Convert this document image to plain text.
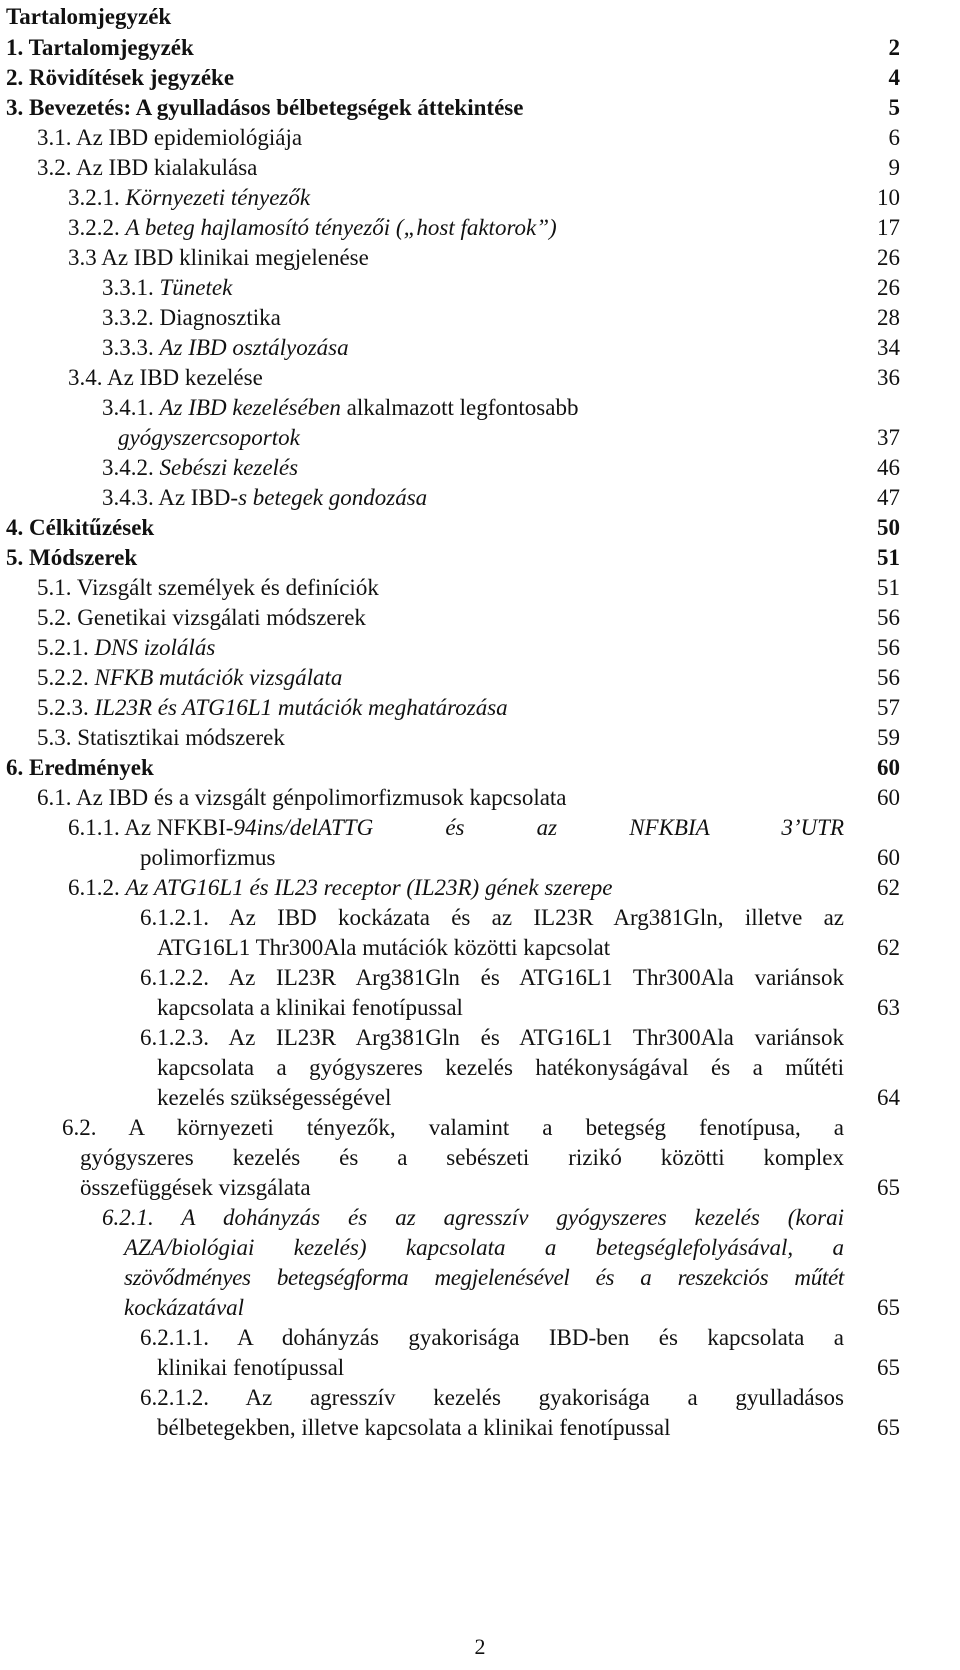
Tartalomjegyzék
1. Tartalomjegyzék	2
2. Rövidítések jegyzéke	4
3. Bevezetés: A gyulladásos bélbetegségek áttekintése	5
3.1. Az IBD epidemiológiája	6
3.2. Az IBD kialakulása	9
3.2.1. Környezeti tényezők	10
3.2.2. A beteg hajlamosító tényezői („host faktorok”)	17
3.3 Az IBD klinikai megjelenése	26
3.3.1. Tünetek	26
3.3.2. Diagnosztika	28
3.3.3. Az IBD osztályozása	34
3.4. Az IBD kezelése	36
3.4.1. Az IBD kezelésében alkalmazott legfontosabb
gyógyszercsoportok	37
3.4.2. Sebészi kezelés	46
3.4.3. Az IBD-s betegek gondozása	47
4. Célkitűzések	50
5. Módszerek	51
5.1. Vizsgált személyek és definíciók	51
5.2. Genetikai vizsgálati módszerek	56
5.2.1. DNS izolálás	56
5.2.2. NFKB mutációk vizsgálata	56
5.2.3. IL23R és ATG16L1 mutációk meghatározása	57
5.3. Statisztikai módszerek	59
6. Eredmények	60
6.1. Az IBD és a vizsgált génpolimorfizmusok kapcsolata	60
6.1.1. Az NFKBI- 94ins/delATTG és az NFKBIA 3’UTR
polimorfizmus	60
6.1.2. Az ATG16L1 és IL23 receptor (IL23R) gének szerepe	62
6.1.2.1. Az IBD kockázata és az IL23R Arg381Gln, illetve az
ATG16L1 Thr300Ala mutációk közötti kapcsolat	62
6.1.2.2. Az IL23R Arg381Gln és ATG16L1 Thr300Ala variánsok
kapcsolata a klinikai fenotípussal	63
6.1.2.3. Az IL23R Arg381Gln és ATG16L1 Thr300Ala variánsok
kapcsolata a gyógyszeres kezelés hatékonyságával és a műtéti
kezelés szükségességével	64
6.2. A környezeti tényezők, valamint a betegség fenotípusa, a
gyógyszeres kezelés és a sebészeti rizikó közötti komplex
összefüggések vizsgálata	65
6.2.1. A dohányzás és az agresszív gyógyszeres kezelés (korai
AZA/biológiai kezelés) kapcsolata a betegséglefolyásával, a
szövődményes betegségforma megjelenésével és a reszekciós műtét
kockázatával	65
6.2.1.1. A dohányzás gyakorisága IBD-ben és kapcsolata a
klinikai fenotípussal	65
6.2.1.2. Az agresszív kezelés gyakorisága a gyulladásos
bélbetegekben, illetve kapcsolata a klinikai fenotípussal	65
2
